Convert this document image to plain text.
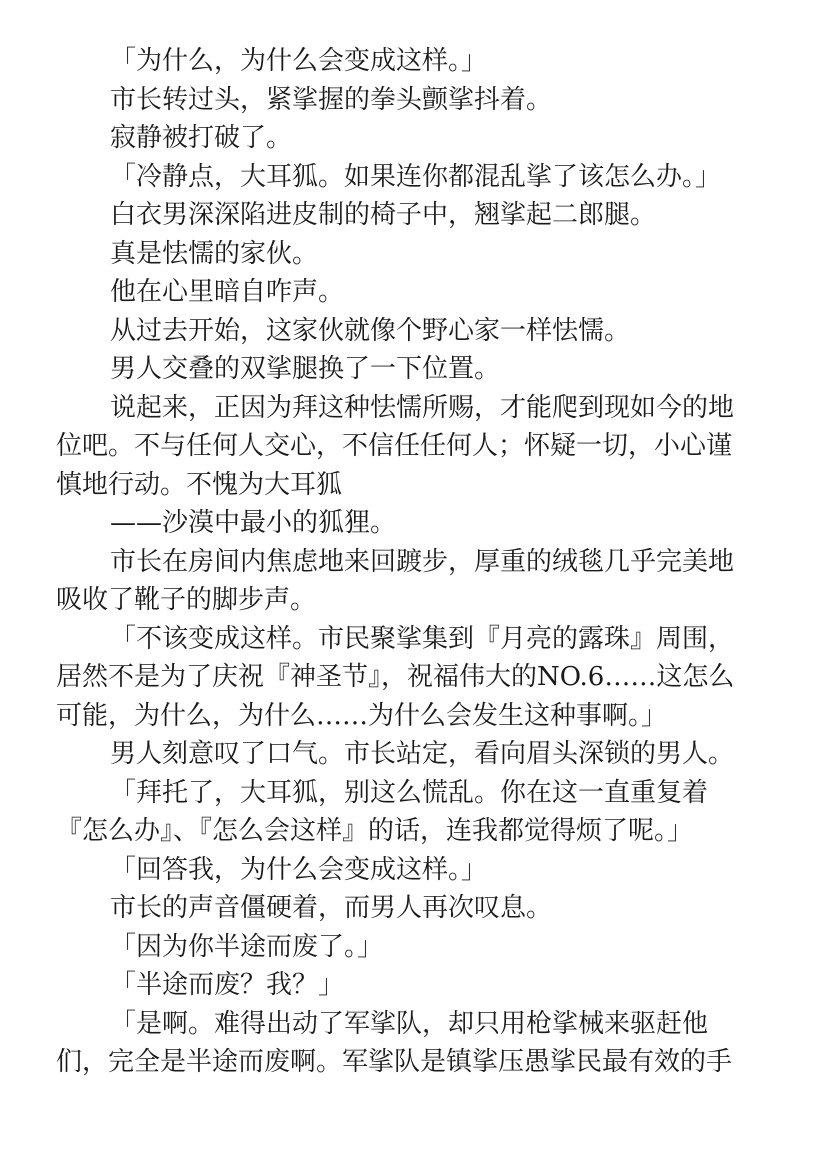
「为什么，为什么会变成这样。」
市长转过头，紧挲握的拳头颤挲抖着。
寂静被打破了。
「冷静点，大耳狐。如果连你都混乱挲了该怎么办。」
白衣男深深陷进皮制的椅子中，翘挲起二郎腿。
真是怯懦的家伙。
他在心里暗自咋声。
从过去开始，这家伙就像个野心家一样怯懦。
男人交叠的双挲腿换了一下位置。
说起来，正因为拜这种怯懦所赐，才能爬到现如今的地
位吧。不与任何人交心，不信任任何人；怀疑一切，小心谨
慎地行动。不愧为大耳狐
——沙漠中最小的狐狸。
市长在房间内焦虑地来回踱步，厚重的绒毯几乎完美地
吸收了靴子的脚步声。
「不该变成这样。市民聚挲集到『月亮的露珠』周围，
居然不是为了庆祝『神圣节』，祝福伟大的NO.6……这怎么
可能，为什么，为什么……为什么会发生这种事啊。」
男人刻意叹了口气。市长站定，看向眉头深锁的男人。
「拜托了，大耳狐，别这么慌乱。你在这一直重复着
『怎么办』、『怎么会这样』的话，连我都觉得烦了呢。」
「回答我，为什么会变成这样。」
市长的声音僵硬着，而男人再次叹息。
「因为你半途而废了。」
「半途而废？我？」
「是啊。难得出动了军挲队，却只用枪挲械来驱赶他
们，完全是半途而废啊。军挲队是镇挲压愚挲民最有效的手
